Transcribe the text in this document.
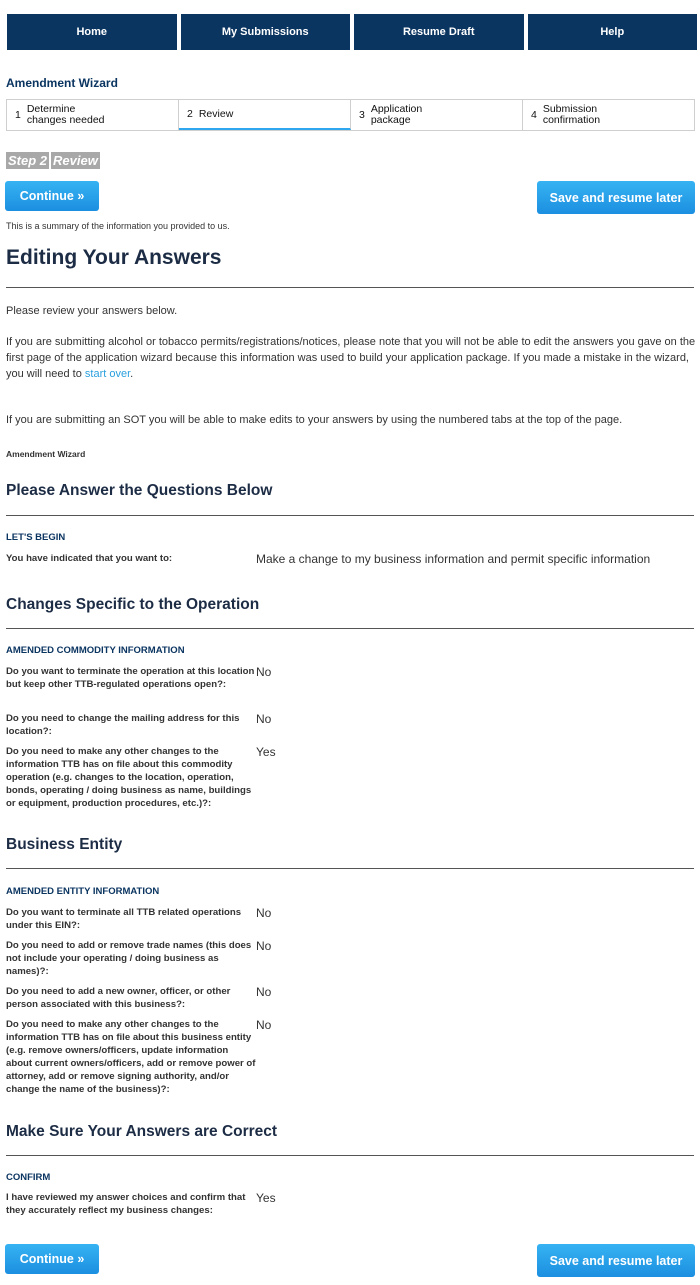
Home	My Submissions	Resume Draft	Help
Amendment Wizard
1 Determine changes needed
2 Review	3 Application package	4 Submission confirmation
Step 2 Review
Continue »	Save and resume later
This is a summary of the information you provided to us.
Editing Your Answers
Please review your answers below.
If you are submitting alcohol or tobacco permits/registrations/notices, please note that you will not be able to edit the answers you gave on the first page of the application wizard because this information was used to build your application package. If you made a mistake in the wizard, you will need to start over.
If you are submitting an SOT you will be able to make edits to your answers by using the numbered tabs at the top of the page.
Amendment Wizard
Please Answer the Questions Below
LET'S BEGIN
You have indicated that you want to:	Make a change to my business information and permit specific information
Changes Specific to the Operation
AMENDED COMMODITY INFORMATION
Do you want to terminate the operation at this location but keep other TTB-regulated operations open?:
No
Do you need to change the mailing address for this location?:
No
Do you need to make any other changes to the information TTB has on file about this commodity operation (e.g. changes to the location, operation, bonds, operating / doing business as name, buildings or equipment, production procedures, etc.)?:
Yes
Business Entity
AMENDED ENTITY INFORMATION
Do you want to terminate all TTB related operations under this EIN?:
No
Do you need to add or remove trade names (this does not include your operating / doing business as names)?:
No
Do you need to add a new owner, officer, or other person associated with this business?:
No
Do you need to make any other changes to the information TTB has on file about this business entity (e.g. remove owners/officers, update information about current owners/officers, add or remove power of attorney, add or remove signing authority, and/or change the name of the business)?:
No
Make Sure Your Answers are Correct
CONFIRM
I have reviewed my answer choices and confirm that they accurately reflect my business changes:
Yes
Continue »	Save and resume later
